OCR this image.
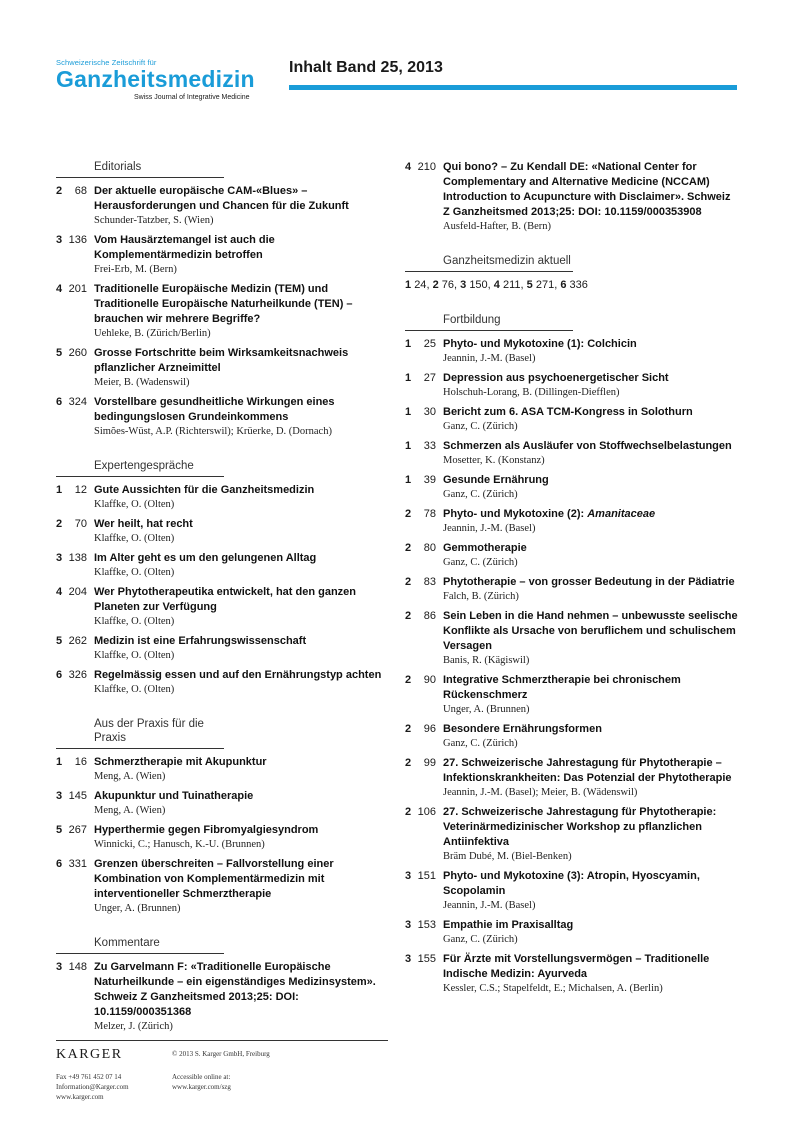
Schweizerische Zeitschrift für
Ganzheitsmedizin
Swiss Journal of Integrative Medicine
Inhalt Band 25, 2013
Editorials
2	68 Der aktuelle europäische CAM-«Blues» – Herausforderungen und Chancen für die Zukunft
Schunder-Tatzber, S. (Wien)
3 136 Vom Hausärztemangel ist auch die Komplementärmedizin betroffen
Frei-Erb, M. (Bern)
4 201 Traditionelle Europäische Medizin (TEM) und Traditionelle Europäische Naturheilkunde (TEN) – brauchen wir mehrere Begriffe?
Uehleke, B. (Zürich/Berlin)
5 260 Grosse Fortschritte beim Wirksamkeitsnachweis pflanzlicher Arzneimittel
Meier, B. (Wadenswil)
6 324 Vorstellbare gesundheitliche Wirkungen eines bedingungslosen Grundeinkommens
Simões-Wüst, A.P. (Richterswil); Krüerke, D. (Dornach)
Expertengespräche
1	12 Gute Aussichten für die Ganzheitsmedizin
Klaffke, O. (Olten)
2	70 Wer heilt, hat recht
Klaffke, O. (Olten)
3 138 Im Alter geht es um den gelungenen Alltag
Klaffke, O. (Olten)
4 204 Wer Phytotherapeutika entwickelt, hat den ganzen Planeten zur Verfügung
Klaffke, O. (Olten)
5 262 Medizin ist eine Erfahrungswissenschaft
Klaffke, O. (Olten)
6 326 Regelmässig essen und auf den Ernährungstyp achten
Klaffke, O. (Olten)
Aus der Praxis für die Praxis
1	16 Schmerztherapie mit Akupunktur
Meng, A. (Wien)
3 145 Akupunktur und Tuinatherapie
Meng, A. (Wien)
5 267 Hyperthermie gegen Fibromyalgiesyndrom
Winnicki, C.; Hanusch, K.-U. (Brunnen)
6 331 Grenzen überschreiten – Fallvorstellung einer Kombination von Komplementärmedizin mit interventioneller Schmerztherapie
Unger, A. (Brunnen)
Kommentare
3 148 Zu Garvelmann F: «Traditionelle Europäische Naturheilkunde – ein eigenständiges Medizinsystem». Schweiz Z Ganzheitsmed 2013;25: DOI: 10.1159/000351368
Melzer, J. (Zürich)
4 210 Qui bono? – Zu Kendall DE: «National Center for Complementary and Alternative Medicine (NCCAM) Introduction to Acupuncture with Disclaimer». Schweiz Z Ganzheitsmed 2013;25: DOI: 10.1159/000353908
Ausfeld-Hafter, B. (Bern)
Ganzheitsmedizin aktuell
1 24, 2 76, 3 150, 4 211, 5 271, 6 336
Fortbildung
1	25 Phyto- und Mykotoxine (1): Colchicin
Jeannin, J.-M. (Basel)
1	27 Depression aus psychoenergetischer Sicht
Holschuh-Lorang, B. (Dillingen-Diefflen)
1	30 Bericht zum 6. ASA TCM-Kongress in Solothurn
Ganz, C. (Zürich)
1	33 Schmerzen als Ausläufer von Stoffwechselbelastungen
Mosetter, K. (Konstanz)
1	39 Gesunde Ernährung
Ganz, C. (Zürich)
2	78 Phyto- und Mykotoxine (2): Amanitaceae
Jeannin, J.-M. (Basel)
2	80 Gemmotherapie
Ganz, C. (Zürich)
2	83 Phytotherapie – von grosser Bedeutung in der Pädiatrie
Falch, B. (Zürich)
2	86 Sein Leben in die Hand nehmen – unbewusste seelische Konflikte als Ursache von beruflichem und schulischem Versagen
Banis, R. (Kägiswil)
2	90 Integrative Schmerztherapie bei chronischem Rückenschmerz
Unger, A. (Brunnen)
2	96 Besondere Ernährungsformen
Ganz, C. (Zürich)
2	99 27. Schweizerische Jahrestagung für Phytotherapie – Infektionskrankheiten: Das Potenzial der Phytotherapie
Jeannin, J.-M. (Basel); Meier, B. (Wädenswil)
2 106 27. Schweizerische Jahrestagung für Phytotherapie: Veterinärmedizinischer Workshop zu pflanzlichen Antiinfektiva
Bräm Dubé, M. (Biel-Benken)
3 151 Phyto- und Mykotoxine (3): Atropin, Hyoscyamin, Scopolamin
Jeannin, J.-M. (Basel)
3 153 Empathie im Praxisalltag
Ganz, C. (Zürich)
3 155 Für Ärzte mit Vorstellungsvermögen – Traditionelle Indische Medizin: Ayurveda
Kessler, C.S.; Stapelfeldt, E.; Michalsen, A. (Berlin)
KARGER	© 2013 S. Karger GmbH, Freiburg
Fax +49 761 452 07 14
Information@Karger.com
www.karger.com
Accessible online at:
www.karger.com/szg
